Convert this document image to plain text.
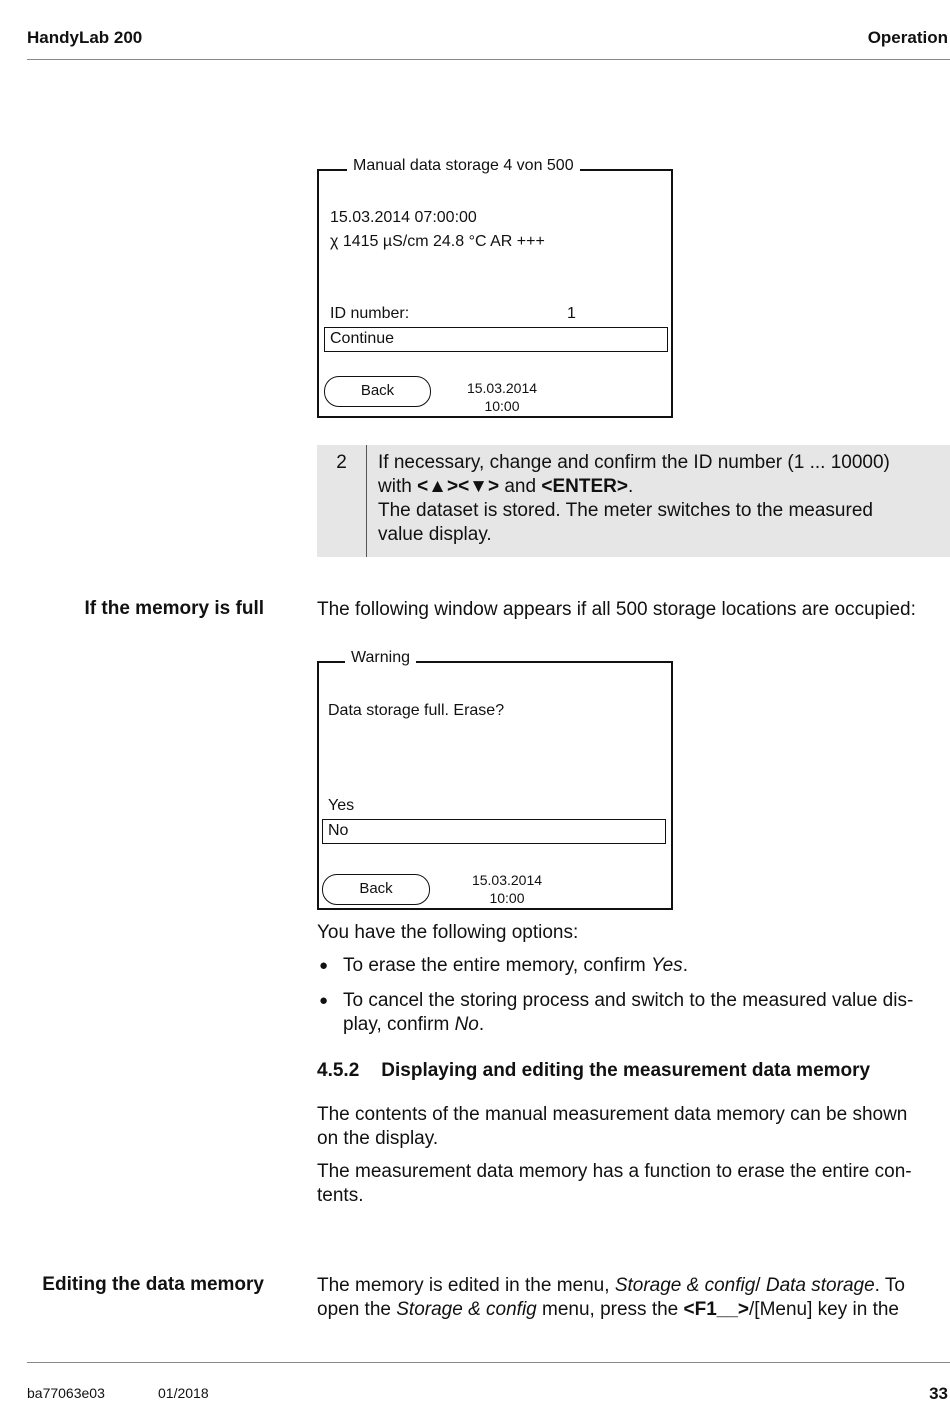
HandyLab 200	Operation
Manual data storage 4 von 500
15.03.2014 07:00:00
χ 1415 µS/cm 24.8 °C AR +++
ID number:	1
Continue
Back	15.03.2014
10:00
2	If necessary, change and confirm the ID number (1 ... 10000)
with <▲><▼> and <ENTER>.
The dataset is stored. The meter switches to the measured
value display.
If the memory is full	The following window appears if all 500 storage locations are occupied:
Warning
Data storage full. Erase?
Yes
No
Back	15.03.2014
10:00
You have the following options:
● To erase the entire memory, confirm Yes.
● To cancel the storing process and switch to the measured value dis-
play, confirm No.
4.5.2 Displaying and editing the measurement data memory
The contents of the manual measurement data memory can be shown
on the display.
The measurement data memory has a function to erase the entire con-
tents.
Editing the data memory	The memory is edited in the menu, Storage & config/ Data storage. To
open the Storage & config menu, press the <F1__>/[Menu] key in the
ba77063e03	01/2018	33
